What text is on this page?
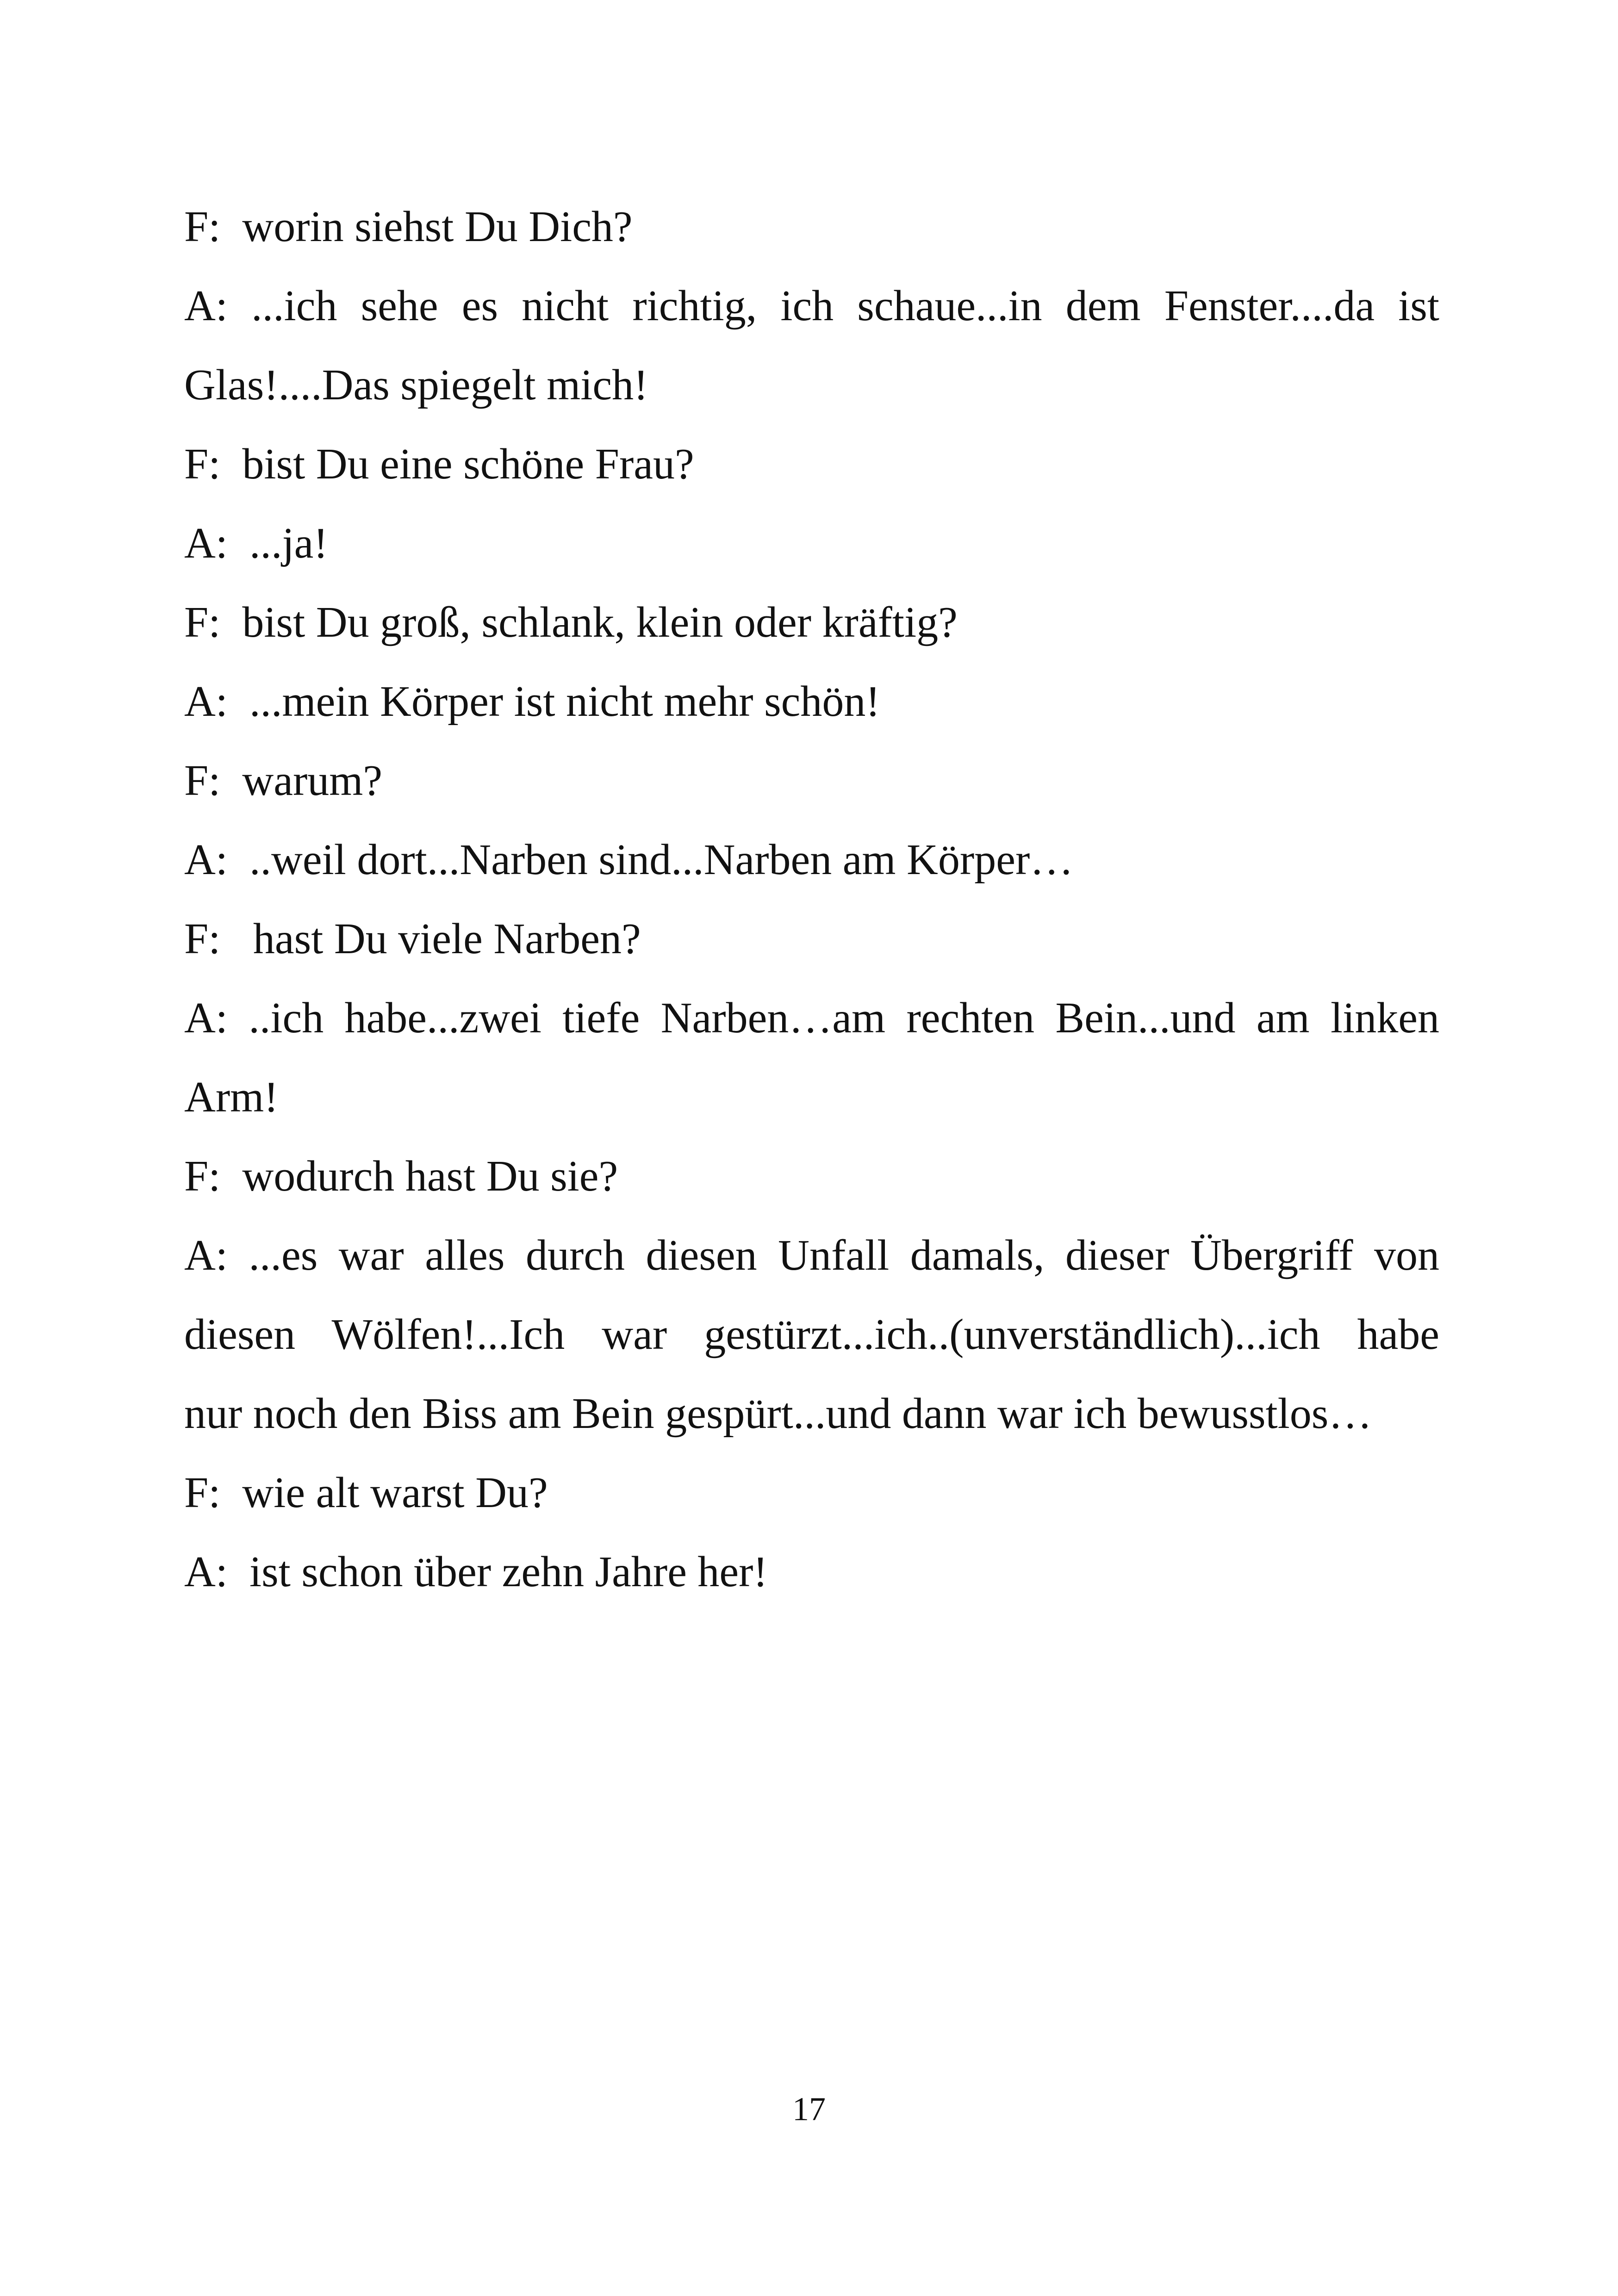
F:  worin siehst Du Dich?
A: ...ich sehe es nicht richtig, ich schaue...in dem Fenster....da ist
Glas!....Das spiegelt mich!
F:  bist Du eine schöne Frau?
A:  ...ja!
F:  bist Du groß, schlank, klein oder kräftig?
A:  ...mein Körper ist nicht mehr schön!
F:  warum?
A:  ..weil dort...Narben sind...Narben am Körper…
F:   hast Du viele Narben?
A: ..ich habe...zwei tiefe Narben…am rechten Bein...und am linken
Arm!
F:  wodurch hast Du sie?
A: ...es war alles durch diesen Unfall damals, dieser Übergriff von
diesen Wölfen!...Ich war gestürzt...ich..(unverständlich)...ich habe
nur noch den Biss am Bein gespürt...und dann war ich bewusstlos…
F:  wie alt warst Du?
A:  ist schon über zehn Jahre her!
17
